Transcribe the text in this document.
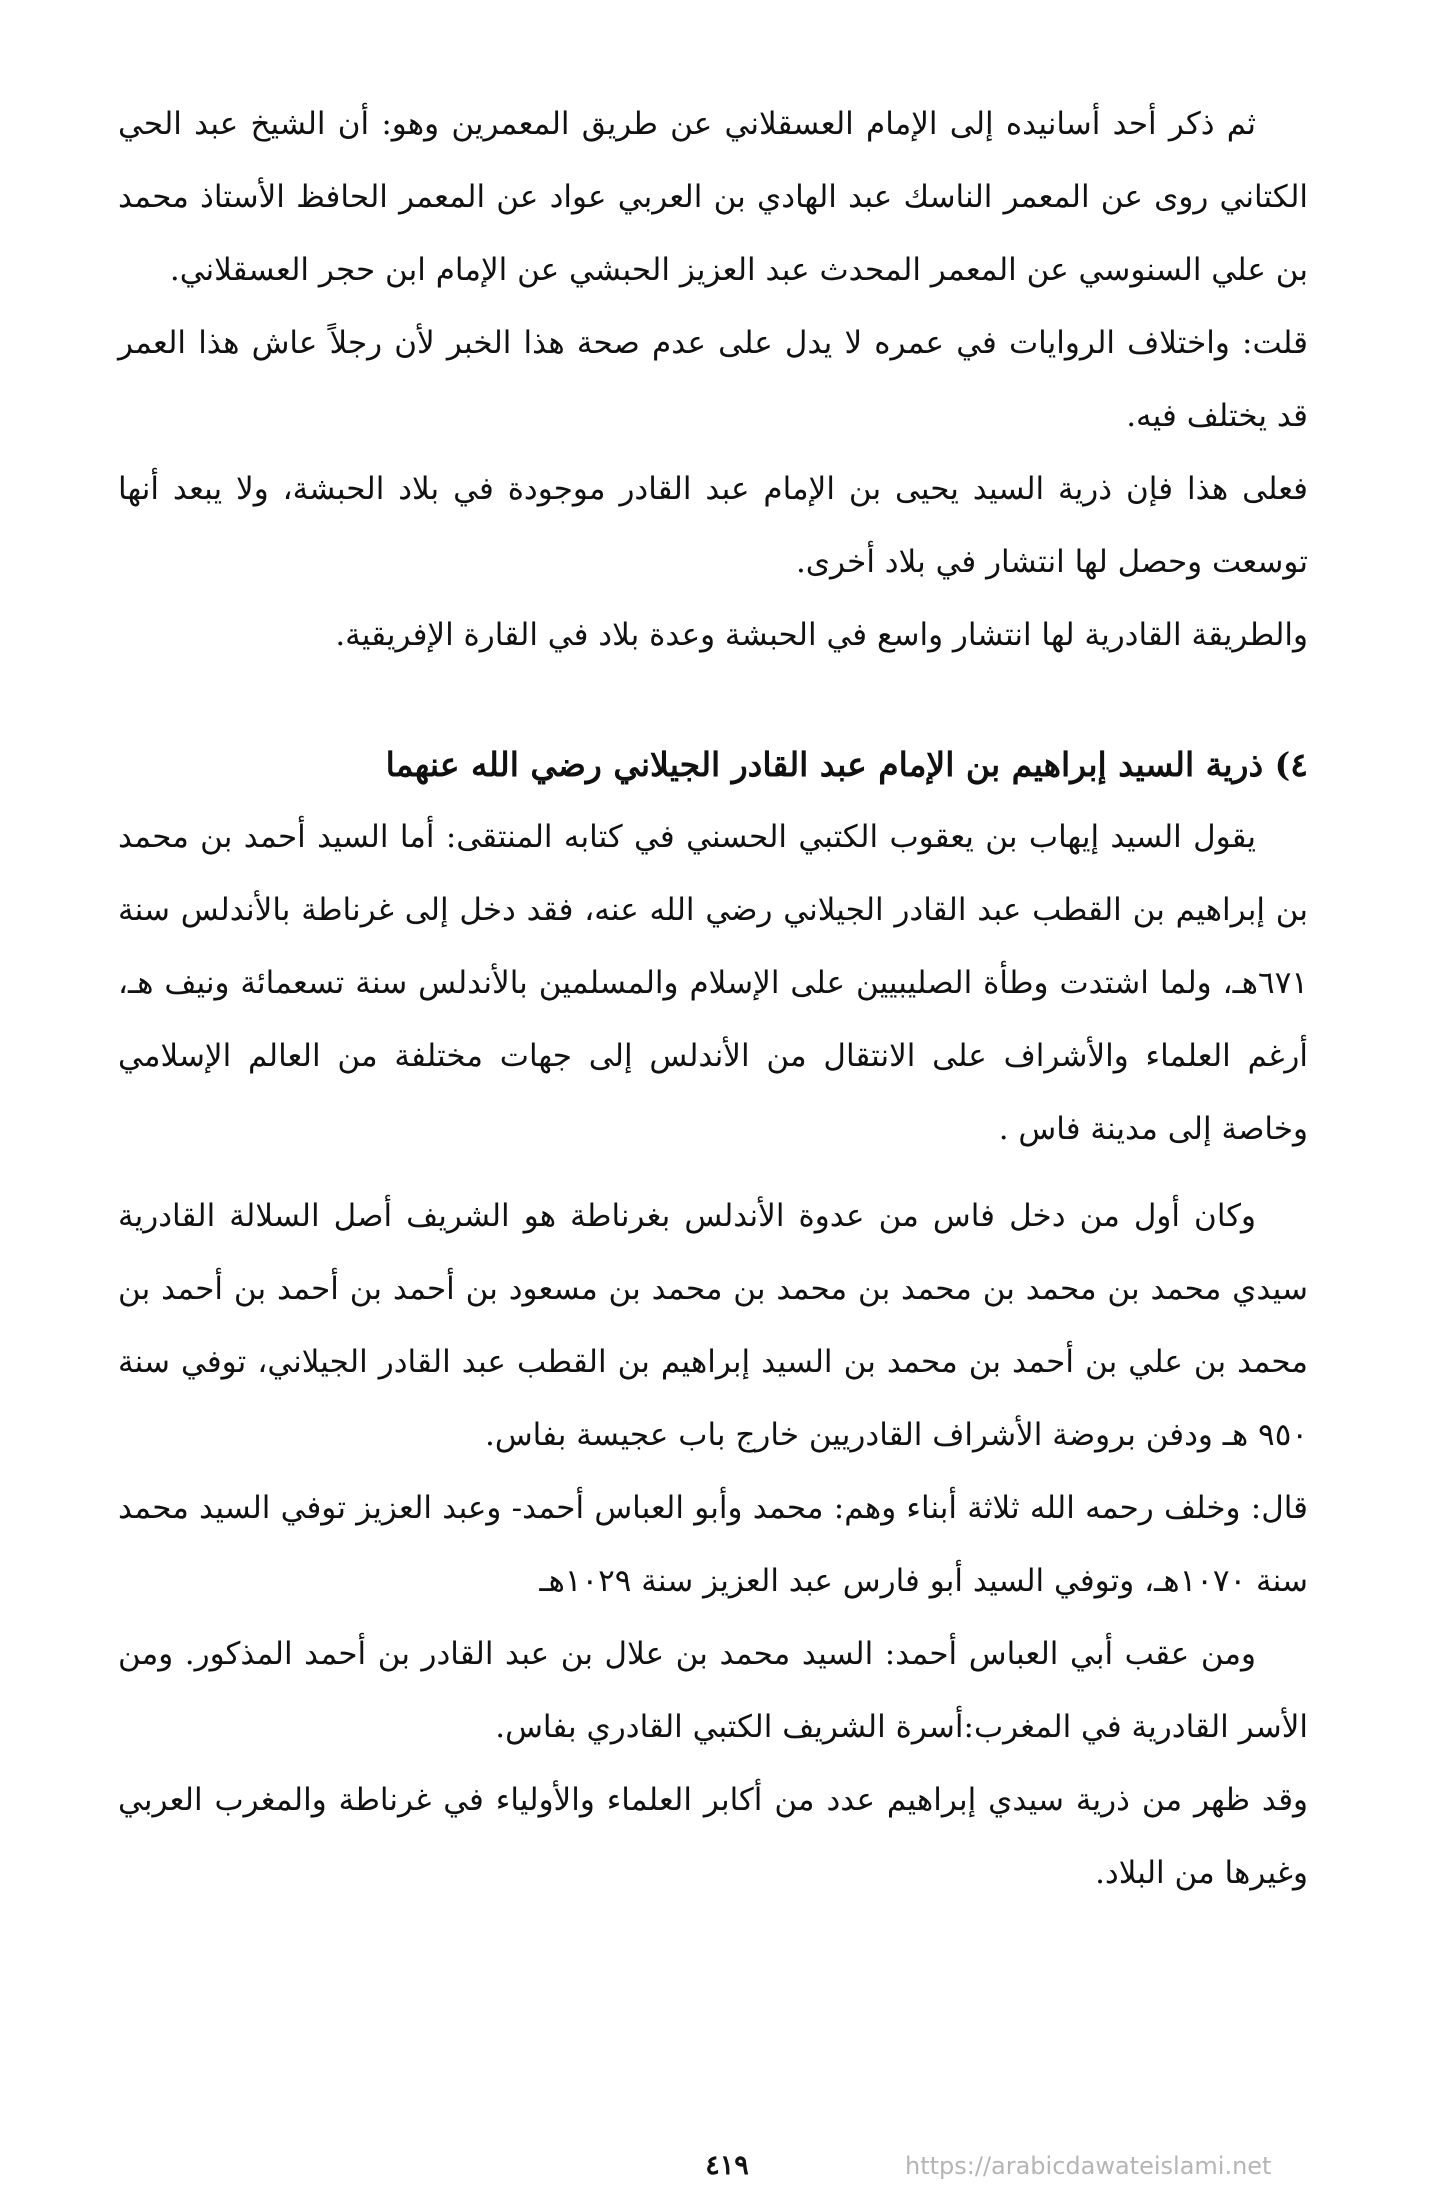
ثم ذكر أحد أسانيده إلى الإمام العسقلاني عن طريق المعمرين وهو: أن الشيخ عبد الحي الكتاني روى عن المعمر الناسك عبد الهادي بن العربي عواد عن المعمر الحافظ الأستاذ محمد بن علي السنوسي عن المعمر المحدث عبد العزيز الحبشي عن الإمام ابن حجر العسقلاني.

قلت: واختلاف الروايات في عمره لا يدل على عدم صحة هذا الخبر لأن رجلاً عاش هذا العمر قد يختلف فيه.

فعلى هذا فإن ذرية السيد يحيى بن الإمام عبد القادر موجودة في بلاد الحبشة، ولا يبعد أنها توسعت وحصل لها انتشار في بلاد أخرى.

والطريقة القادرية لها انتشار واسع في الحبشة وعدة بلاد في القارة الإفريقية.

٤) ذرية السيد إبراهيم بن الإمام عبد القادر الجيلاني رضي الله عنهما

يقول السيد إيهاب بن يعقوب الكتبي الحسني في كتابه المنتقى: أما السيد أحمد بن محمد بن إبراهيم بن القطب عبد القادر الجيلاني رضي الله عنه، فقد دخل إلى غرناطة بالأندلس سنة ٦٧١هـ، ولما اشتدت وطأة الصليبيين على الإسلام والمسلمين بالأندلس سنة تسعمائة ونيف هـ، أرغم العلماء والأشراف على الانتقال من الأندلس إلى جهات مختلفة من العالم الإسلامي وخاصة إلى مدينة فاس .

وكان أول من دخل فاس من عدوة الأندلس بغرناطة هو الشريف أصل السلالة القادرية سيدي محمد بن محمد بن محمد بن محمد بن محمد بن مسعود بن أحمد بن أحمد بن أحمد بن محمد بن علي بن أحمد بن محمد بن السيد إبراهيم بن القطب عبد القادر الجيلاني، توفي سنة ٩٥٠ هـ ودفن بروضة الأشراف القادريين خارج باب عجيسة بفاس.

قال: وخلف رحمه الله ثلاثة أبناء وهم: محمد وأبو العباس أحمد- وعبد العزيز توفي السيد محمد سنة ١٠٧٠هـ، وتوفي السيد أبو فارس عبد العزيز سنة ١٠٢٩هـ

ومن عقب أبي العباس أحمد: السيد محمد بن علال بن عبد القادر بن أحمد المذكور. ومن الأسر القادرية في المغرب:أسرة الشريف الكتبي القادري بفاس.

وقد ظهر من ذرية سيدي إبراهيم عدد من أكابر العلماء والأولياء في غرناطة والمغرب العربي وغيرها من البلاد.

٤١٩	https://arabicdawateislami.net
